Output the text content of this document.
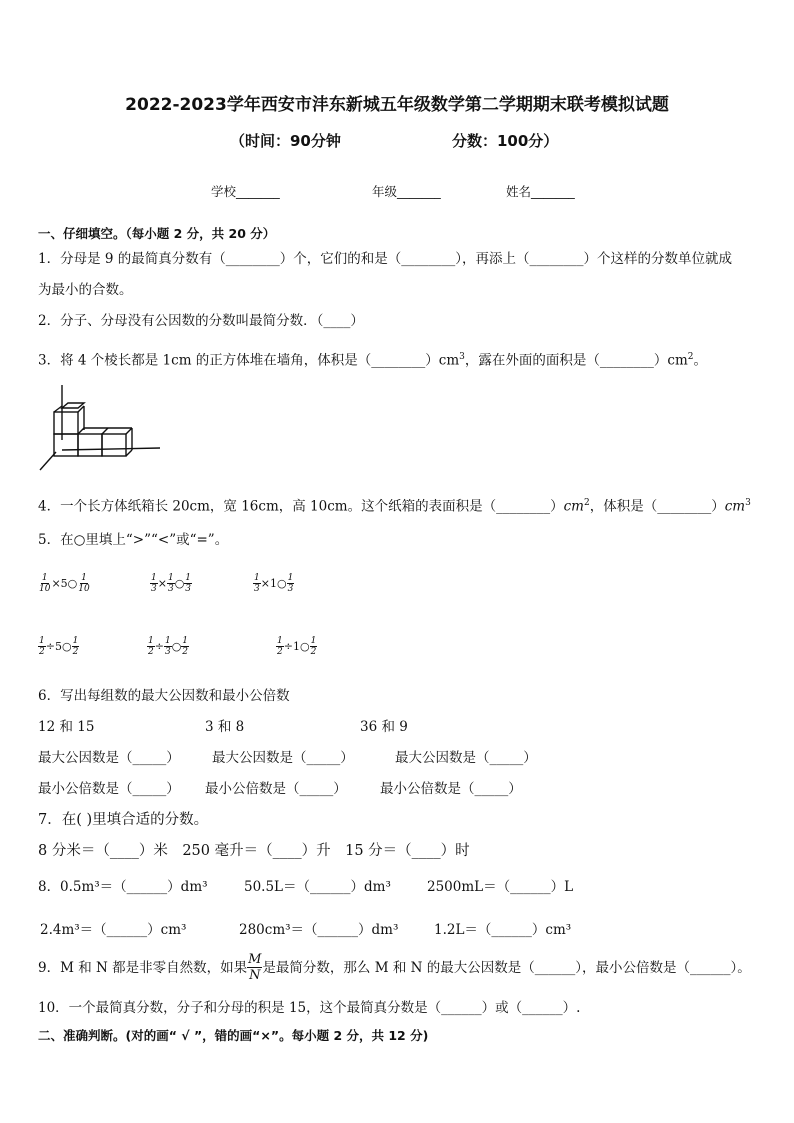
2022-2023学年西安市沣东新城五年级数学第二学期期末联考模拟试题
（时间：90分钟	分数：100分）
学校_______	年级_______	姓名_______
一、仔细填空。（每小题 2 分，共 20 分）
1．分母是 9 的最简真分数有（________）个，它们的和是（________），再添上（________）个这样的分数单位就成
为最小的合数。
2．分子、分母没有公因数的分数叫最简分数．（____）
3．将 4 个棱长都是 1cm 的正方体堆在墙角，体积是$(\_\_\_\_\_\_\_\_)cm^3$，露在外面的面积是$(\_\_\_\_\_\_\_\_)cm^2$。
4．一个长方体纸箱长 20cm，宽 16cm，高 10cm。这个纸箱的表面积是$(\_\_\_\_\_\_\_\_)cm^2$，体积是$(\_\_\_\_\_\_\_\_)cm^3$
5．在○里填上“>”“<”或“=”。
$\frac{1}{10}$ ×5○ $\frac{1}{10}$	$\frac{1}{3} \times \frac{1}{3}$ ○ $\frac{1}{3}$	$\frac{1}{3}$ ×1○ $\frac{1}{3}$
$\frac{1}{2}$ ÷5○ $\frac{1}{2}$	$\frac{1}{2} \div \frac{1}{3}$ ○ $\frac{1}{2}$	$\frac{1}{2}$ ÷1○ $\frac{1}{2}$
6．写出每组数的最大公因数和最小公倍数
12 和 15	3 和 8	36 和 9
最大公因数是（_____） 最大公因数是（_____）	最大公因数是（_____）
最小公倍数是（_____） 最小公倍数是（_____） 最小公倍数是（_____）
7．在( )里填合适的分数。
8 分米＝（____）米　250 毫升＝（____）升　15 分＝（____）时
8． 0.5m³＝（______）dm³	50.5L＝（______）dm³	2500mL＝（______）L
2.4m³＝（______）cm³	280cm³＝（______）dm³	1.2L＝（______）cm³
9．M 和 N 都是非零自然数，如果 $\frac{M}{N}$ 是最简分数，那么 M 和 N 的最大公因数是（______），最小公倍数是（______）。
10．一个最简真分数，分子和分母的积是 15，这个最简真分数是（______）或（______）.
二、准确判断。(对的画“ √ ”，错的画“×”。每小题 2 分，共 12 分)
